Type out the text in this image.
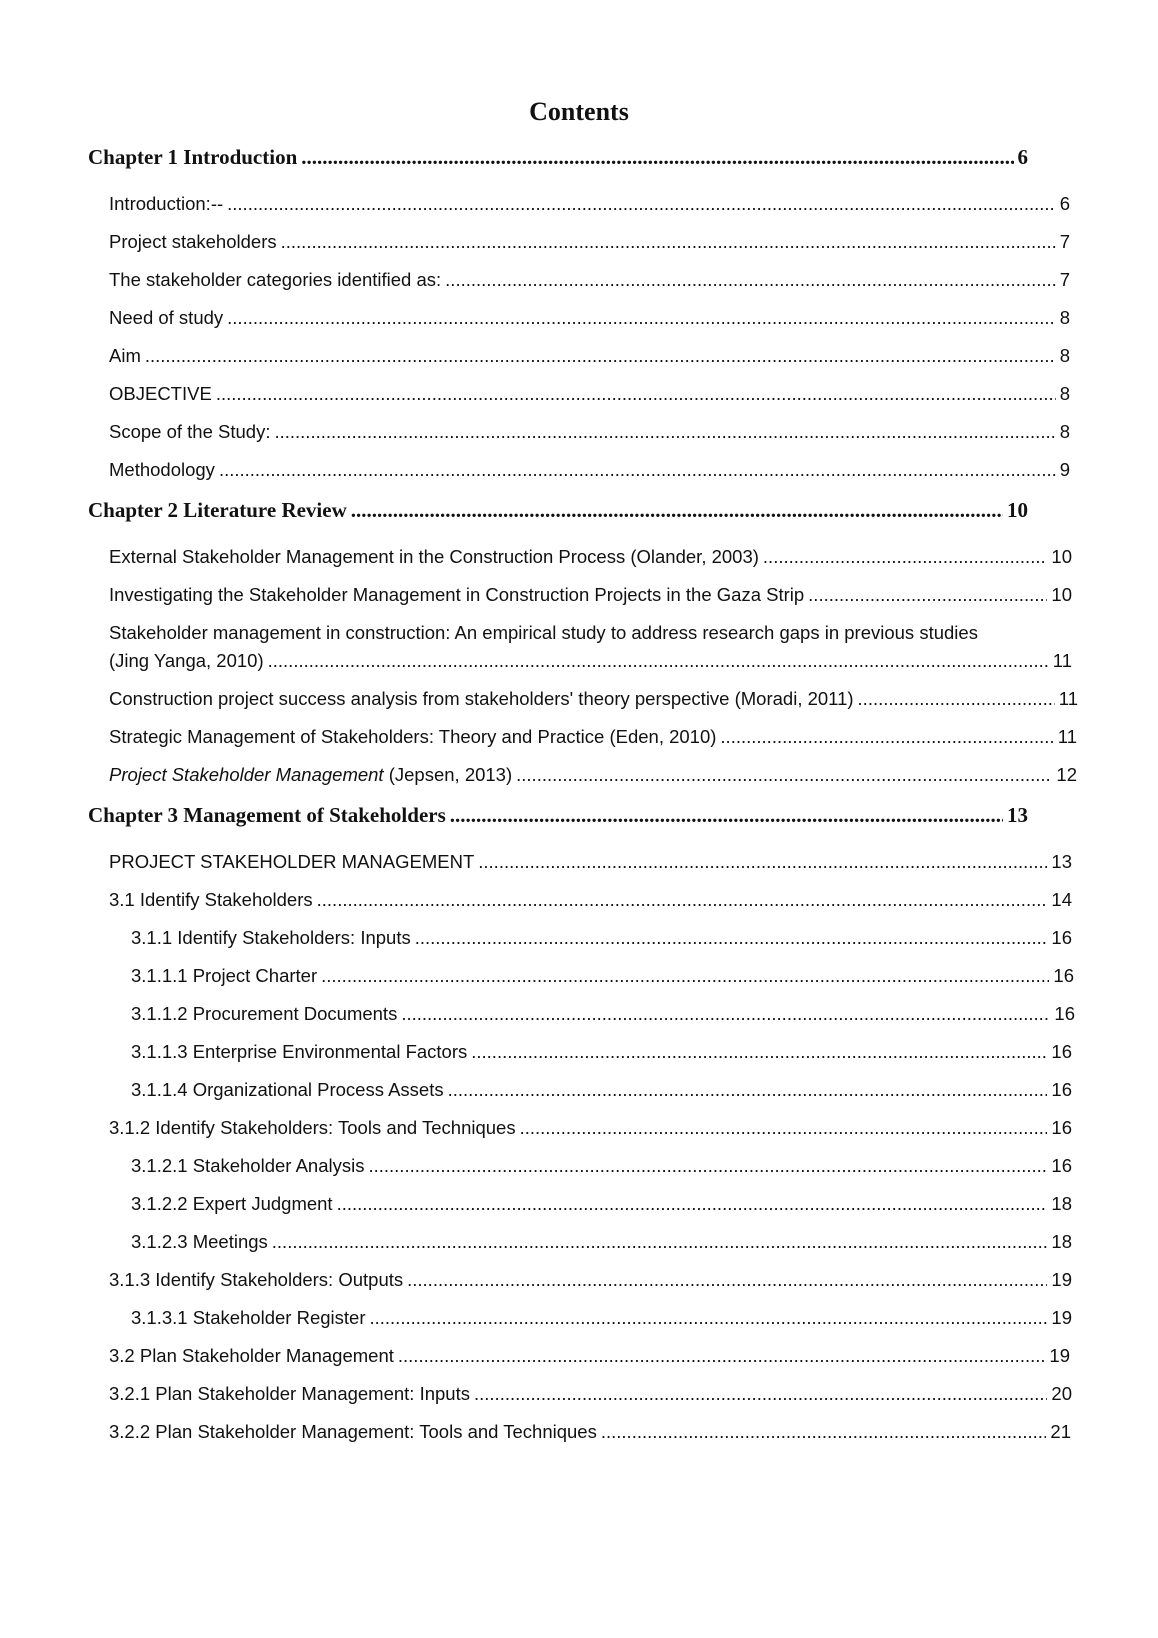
Contents
Chapter 1 Introduction .....	6
Introduction:-- .....	6
Project stakeholders .....	7
The stakeholder categories identified as: .....	7
Need of study .....	8
Aim .....	8
OBJECTIVE .....	8
Scope of the Study: .....	8
Methodology .....	9
Chapter 2 Literature Review .....	10
External Stakeholder Management in the Construction Process (Olander, 2003) .....	10
Investigating the Stakeholder Management in Construction Projects in the Gaza Strip .....	10
Stakeholder management in construction: An empirical study to address research gaps in previous studies
(Jing Yanga, 2010) .....	11
Construction project success analysis from stakeholders' theory perspective (Moradi, 2011) .....	11
Strategic Management of Stakeholders: Theory and Practice (Eden, 2010) .....	11
Project Stakeholder Management (Jepsen, 2013) .....	12
Chapter 3 Management of Stakeholders .....	13
PROJECT STAKEHOLDER MANAGEMENT .....	13
3.1 Identify Stakeholders .....	14
3.1.1 Identify Stakeholders: Inputs .....	16
3.1.1.1 Project Charter .....	16
3.1.1.2 Procurement Documents .....	16
3.1.1.3 Enterprise Environmental Factors .....	16
3.1.1.4 Organizational Process Assets .....	16
3.1.2 Identify Stakeholders: Tools and Techniques .....	16
3.1.2.1 Stakeholder Analysis .....	16
3.1.2.2 Expert Judgment .....	18
3.1.2.3 Meetings .....	18
3.1.3 Identify Stakeholders: Outputs .....	19
3.1.3.1 Stakeholder Register .....	19
3.2 Plan Stakeholder Management .....	19
3.2.1 Plan Stakeholder Management: Inputs .....	20
3.2.2 Plan Stakeholder Management: Tools and Techniques .....	21
